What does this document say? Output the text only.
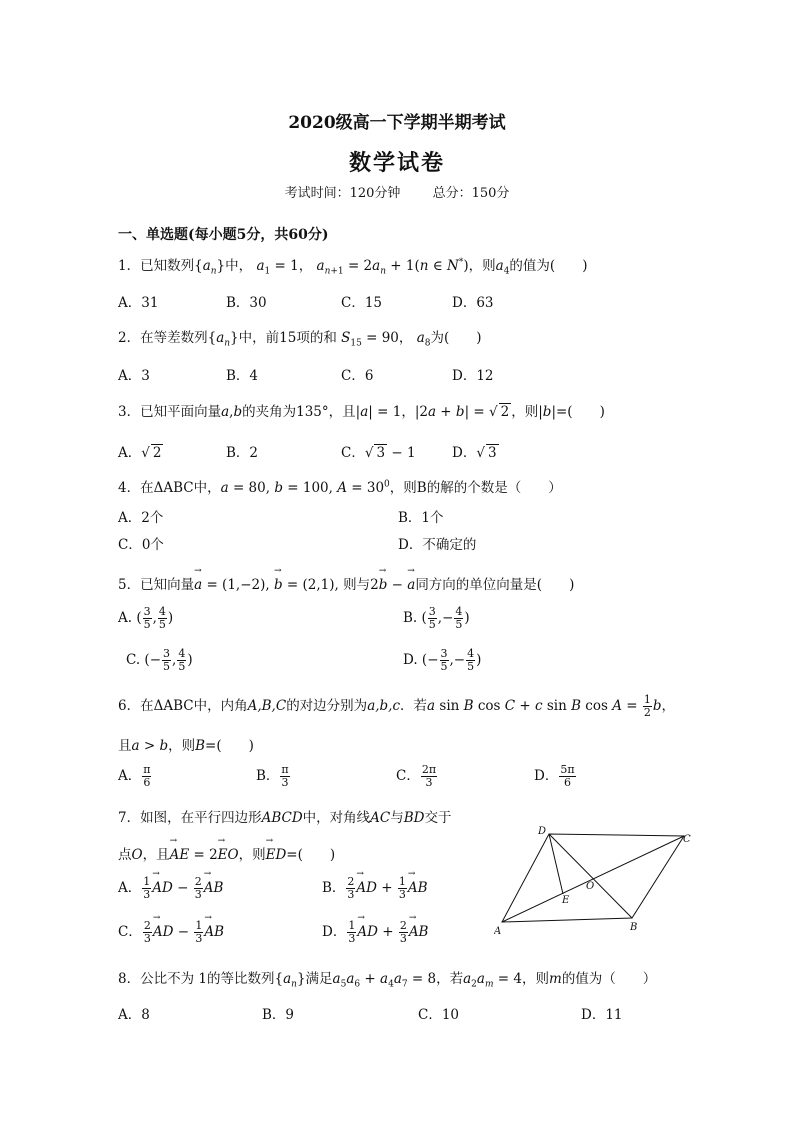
2020级高一下学期半期考试
数学试卷
考试时间：120分钟 总分：150分
一、单选题(每小题5分，共60分)
1．已知数列$\{a_n\}$中， $a_1 = 1$， $a_{n+1} = 2a_n + 1(n$ ∈ N*)，则$a_4$的值为(　　)
A．31	B．30	C．15	D．63
2．在等差数列$\{a_n\}$中，前15项的和 $S_{15} = 90$， $a_8$为(　　)
A．3	B．4	C．6	D．12
3．已知平面向量a,b的夹角为135°，且|a| = 1，|2a + b| = √ 2 ，则|b|=(　　)
A．√ 2	B．2	C．√ 3 − 1	D．√ 3
4．在ΔABC中，a = 80, b = 100, $A = 30^0$，则B的解的个数是（　　）
A．2个	B．1个
C．0个	D．不确定的
5．已知向量→ a = (1,−2), → b = (2,1), 则与2→ b − → a同方向的单位向量是(　　)
A. ( $\frac{3}{5}$ , $\frac{4}{5}$ )	B. ( $\frac{3}{5}$ ,− $\frac{4}{5}$ )
C. (− $\frac{3}{5}$ , $\frac{4}{5}$ )	D. (− $\frac{3}{5}$ ,− $\frac{4}{5}$ )
6．在ΔABC中，内角A,B,C的对边分别为a,b,c．若a sin B cos C + c sin B $\cos A = \frac{1}{2}$ b，
且a > b，则B=(　　)
A． $\frac{\pi}{6}$	B． $\frac{\pi}{3}$	C． $\frac{2\pi}{3}$	D． $\frac{5\pi}{6}$
7．如图，在平行四边形ABCD中，对角线AC与BD交于
点O，且→ AE = 2→ EO，则→ ED=(　　)
A． $\frac{1}{3}$ → AD − $\frac{2}{3}$ → AB	B． $\frac{2}{3}$ → AD + $\frac{1}{3}$ → AB
C． $\frac{2}{3}$ → AD − $\frac{1}{3}$ → AB	D． $\frac{1}{3}$ → AD + $\frac{2}{3}$ → AB
D
C
O
E
A	B
8．公比不为 1的等比数列$\{a_n\}$满足$a_5a_6 + a_4a_7 = 8$，若$a_2a_m = 4$，则m的值为（　　）
A．8	B．9	C．10	D．11
